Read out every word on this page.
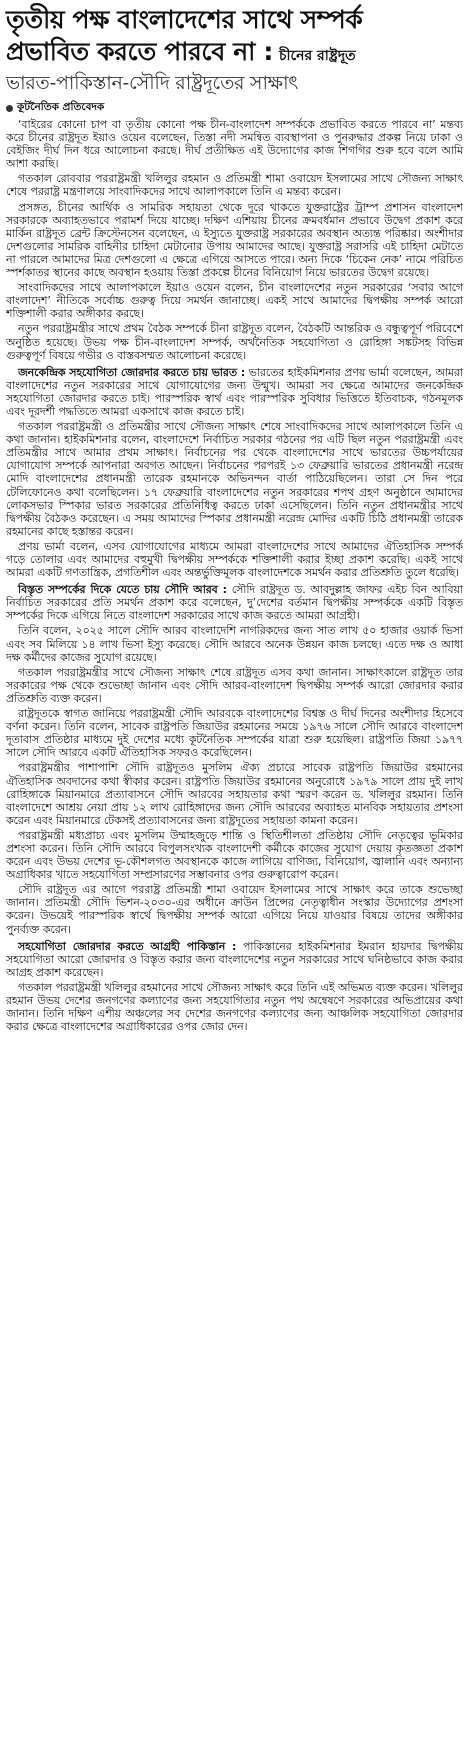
তৃতীয় পক্ষ বাংলাদেশের সাথে সম্পর্ক
প্রভাবিত করতে পারবে না : চীনের রাষ্ট্রদূত
ভারত-পাকিস্তান-সৌদি রাষ্ট্রদূতের সাক্ষাৎ
কূটনৈতিক প্রতিবেদক

‘বাইরের কোনো চাপ বা তৃতীয় কোনো পক্ষ চীন-বাংলাদেশ সম্পর্ককে প্রভাবিত করতে পারবে না’ মন্তব্য করে চীনের রাষ্ট্রদূত ইয়াও ওয়েন বলেছেন, তিস্তা নদী সমন্বিত ব্যবস্থাপনা ও পুনরুদ্ধার প্রকল্প নিয়ে ঢাকা ও বেইজিং দীর্ঘ দিন ধরে আলোচনা করছে। দীর্ঘ প্রতীক্ষিত এই উদ্যোগের কাজ শিগগির শুরু হবে বলে আমি আশা করছি।

গতকাল রোববার পররাষ্ট্রমন্ত্রী খলিলুর রহমান ও প্রতিমন্ত্রী শামা ওবায়েদ ইসলামের সাথে সৌজন্য সাক্ষাৎ শেষে পররাষ্ট্র মন্ত্রণালয়ে সাংবাদিকদের সাথে আলাপকালে তিনি এ মন্তব্য করেন।

প্রসঙ্গত, চীনের আর্থিক ও সামরিক সহায়তা থেকে দূরে থাকতে যুক্তরাষ্ট্রের ট্রাম্প প্রশাসন বাংলাদেশ সরকারকে অব্যাহতভাবে পরামর্শ দিয়ে যাচ্ছে। দক্ষিণ এশিয়ায় চীনের ক্রমবর্ধমান প্রভাবে উদ্বেগ প্রকাশ করে মার্কিন রাষ্ট্রদূত ব্রেন্ট ক্রিস্টেনসেন বলেছেন, এ ইস্যুতে যুক্তরাষ্ট্র সরকারের অবস্থান অত্যন্ত পরিষ্কার। অংশীদার দেশগুলোর সামরিক বাহিনীর চাহিদা মেটানোর উপায় আমাদের আছে। যুক্তরাষ্ট্র সরাসরি এই চাহিদা মেটাতে না পারলে আমাদের মিত্র দেশগুলো এ ক্ষেত্রে এগিয়ে আসতে পারে। অন্য দিকে ‘চিকেন নেক’ নামে পরিচিত স্পর্শকাতর স্থানের কাছে অবস্থান হওয়ায় তিস্তা প্রকল্পে চীনের বিনিয়োগ নিয়ে ভারতের উদ্বেগ রয়েছে।

সাংবাদিকদের সাথে আলাপকালে ইয়াও ওয়েন বলেন, চীন বাংলাদেশের নতুন সরকারের ‘সবার আগে বাংলাদেশ’ নীতিকে সর্বোচ্চ গুরুত্ব দিয়ে সমর্থন জানাচ্ছে। একই সাথে আমাদের দ্বিপক্ষীয় সম্পর্ক আরো শক্তিশালী করার অঙ্গীকার করছে।

নতুন পররাষ্ট্রমন্ত্রীর সাথে প্রথম বৈঠক সম্পর্কে চীনা রাষ্ট্রদূত বলেন, বৈঠকটি আন্তরিক ও বন্ধুত্বপূর্ণ পরিবেশে অনুষ্ঠিত হয়েছে। উভয় পক্ষ চীন-বাংলাদেশ সম্পর্ক, অর্থনৈতিক সহযোগিতা ও রোহিঙ্গা সঙ্কটসহ বিভিন্ন গুরুত্বপূর্ণ বিষয়ে গভীর ও বাস্তবসম্মত আলোচনা করেছে।

জনকেন্দ্রিক সহযোগিতা জোরদার করতে চায় ভারত : ভারতের হাইকমিশনার প্রণয় ভার্মা বলেছেন, আমরা বাংলাদেশের নতুন সরকারের সাথে যোগাযোগের জন্য উন্মুখ। আমরা সব ক্ষেত্রে আমাদের জনকেন্দ্রিক সহযোগিতা জোরদার করতে চাই। পারস্পরিক স্বার্থ এবং পারস্পরিক সুবিধার ভিত্তিতে ইতিবাচক, গঠনমূলক এবং দূরদর্শী পদ্ধতিতে আমরা একসাথে কাজ করতে চাই।

গতকাল পররাষ্ট্রমন্ত্রী ও প্রতিমন্ত্রীর সাথে সৌজন্য সাক্ষাৎ শেষে সাংবাদিকদের সাথে আলাপকালে তিনি এ কথা জানান। হাইকমিশনার বলেন, বাংলাদেশে নির্বাচিত সরকার গঠনের পর এটি ছিল নতুন পররাষ্ট্রমন্ত্রী এবং প্রতিমন্ত্রীর সাথে আমার প্রথম সাক্ষাৎ। নির্বাচনের পর থেকে বাংলাদেশের সাথে ভারতের উচ্চপর্যায়ের যোগাযোগ সম্পর্কে আপনারা অবগত আছেন। নির্বাচনের পরপরই ১৩ ফেব্রুয়ারি ভারতের প্রধানমন্ত্রী নরেন্দ্র মোদি বাংলাদেশের প্রধানমন্ত্রী তারেক রহমানকে অভিনন্দন বার্তা পাঠিয়েছিলেন। তারা সে দিন পরে টেলিফোনেও কথা বলেছিলেন। ১৭ ফেব্রুয়ারি বাংলাদেশের নতুন সরকারের শপথ গ্রহণ অনুষ্ঠানে আমাদের লোকসভার স্পিকার ভারত সরকারের প্রতিনিধিত্ব করতে ঢাকা এসেছিলেন। তিনি নতুন প্রধানমন্ত্রীর সাথে দ্বিপক্ষীয় বৈঠকও করেছেন। এ সময় আমাদের স্পিকার প্রধানমন্ত্রী নরেন্দ্র মোদির একটি চিঠি প্রধানমন্ত্রী তারেক রহমানের কাছে হস্তান্তর করেন।

প্রণয় ভার্মা বলেন, এসব যোগাযোগের মাধ্যমে আমরা বাংলাদেশের সাথে আমাদের ঐতিহাসিক সম্পর্ক গড়ে তোলার এবং আমাদের বহুমুখী দ্বিপক্ষীয় সম্পর্ককে শক্তিশালী করার ইচ্ছা প্রকাশ করেছি। একই সাথে আমরা একটি গণতান্ত্রিক, প্রগতিশীল এবং অন্তর্ভুক্তিমূলক বাংলাদেশকে সমর্থন করার প্রতিশ্রুতি তুলে ধরেছি।

বিস্তৃত সম্পর্কের দিকে যেতে চায় সৌদি আরব : সৌদি রাষ্ট্রদূত ড. আবদুল্লাহ জাফর এইচ বিন আবিয়া নির্বাচিত সরকারের প্রতি সমর্থন প্রকাশ করে বলেছেন, দু’দেশের বর্তমান দ্বিপক্ষীয় সম্পর্ককে একটি বিস্তৃত সম্পর্কের দিকে এগিয়ে নিতে বাংলাদেশ সরকারের সাথে কাজ করতে আমরা আগ্রহী।

তিনি বলেন, ২০২৫ সালে সৌদি আরব বাংলাদেশি নাগরিকদের জন্য সাত লাখ ৫০ হাজার ওয়ার্ক ভিসা এবং সব মিলিয়ে ১৪ লাখ ভিসা ইস্যু করেছে। সৌদি আরবে অনেক উন্নয়ন কাজ চলছে। এতে দক্ষ ও আধা দক্ষ কর্মীদের কাজের সুযোগ রয়েছে।

গতকাল পররাষ্ট্রমন্ত্রীর সাথে সৌজন্য সাক্ষাৎ শেষে রাষ্ট্রদূত এসব কথা জানান। সাক্ষাৎকালে রাষ্ট্রদূত তার সরকারের পক্ষ থেকে শুভেচ্ছা জানান এবং সৌদি আরব-বাংলাদেশ দ্বিপক্ষীয় সম্পর্ক আরো জোরদার করার প্রতিশ্রুতি ব্যক্ত করেন।

রাষ্ট্রদূতকে স্বাগত জানিয়ে পররাষ্ট্রমন্ত্রী সৌদি আরবকে বাংলাদেশের বিশ্বস্ত ও দীর্ঘ দিনের অংশীদার হিসেবে বর্ণনা করেন। তিনি বলেন, সাবেক রাষ্ট্রপতি জিয়াউর রহমানের সময়ে ১৯৭৬ সালে সৌদি আরবে বাংলাদেশ দূতাবাস প্রতিষ্ঠার মাধ্যমে দুই দেশের মধ্যে কূটনৈতিক সম্পর্কের যাত্রা শুরু হয়েছিল। রাষ্ট্রপতি জিয়া ১৯৭৭ সালে সৌদি আরবে একটি ঐতিহাসিক সফরও করেছিলেন।

পররাষ্ট্রমন্ত্রীর পাশাপাশি সৌদি রাষ্ট্রদূতও মুসলিম ঐক্য প্রচারে সাবেক রাষ্ট্রপতি জিয়াউর রহমানের ঐতিহাসিক অবদানের কথা স্বীকার করেন। রাষ্ট্রপতি জিয়াউর রহমানের অনুরোধে ১৯৭৯ সালে প্রায় দুই লাখ রোহিঙ্গাকে মিয়ানমারে প্রত্যাবাসনে সৌদি আরবের সহায়তার কথা স্মরণ করেন ড. খলিলুর রহমান। তিনি বাংলাদেশে আশ্রয় নেয়া প্রায় ১২ লাখ রোহিঙ্গাদের জন্য সৌদি আরবের অব্যাহত মানবিক সহায়তার প্রশংসা করেন এবং মিয়ানমারে টেকসই প্রত্যাবাসনের জন্য রাষ্ট্রদূতের সহায়তা কামনা করেন।

পররাষ্ট্রমন্ত্রী মধ্যপ্রাচ্য এবং মুসলিম উম্মাহজুড়ে শান্তি ও স্থিতিশীলতা প্রতিষ্ঠায় সৌদি নেতৃত্বের ভূমিকার প্রশংসা করেন। তিনি সৌদি আরবে বিপুলসংখ্যক বাংলাদেশী কর্মীকে কাজের সুযোগ দেয়ায় কৃতজ্ঞতা প্রকাশ করেন এবং উভয় দেশের ভূ-কৌশলগত অবস্থানকে কাজে লাগিয়ে বাণিজ্য, বিনিয়োগ, জ্বালানি এবং অন্যান্য অগ্রাধিকার খাতে সহযোগিতা সম্প্রসারণের সম্ভাবনার ওপর গুরুত্বারোপ করেন।

সৌদি রাষ্ট্রদূত এর আগে পররাষ্ট্র প্রতিমন্ত্রী শামা ওবায়েদ ইসলামের সাথে সাক্ষাৎ করে তাকে শুভেচ্ছা জানান। প্রতিমন্ত্রী সৌদি ভিশন-২০৩০-এর অধীনে ক্রাউন প্রিন্সের নেতৃত্বাধীন সংস্কার উদ্যোগের প্রশংসা করেন। উভয়েই পারস্পরিক স্বার্থে দ্বিপক্ষীয় সম্পর্ক আরো এগিয়ে নিয়ে যাওয়ার বিষয়ে তাদের অঙ্গীকার পুনর্ব্যক্ত করেন।

সহযোগিতা জোরদার করতে আগ্রহী পাকিস্তান : পাকিস্তানের হাইকমিশনার ইমরান হায়দার দ্বিপক্ষীয় সহযোগিতা আরো জোরদার ও বিস্তৃত করার জন্য বাংলাদেশের নতুন সরকারের সাথে ঘনিষ্ঠভাবে কাজ করার আগ্রহ প্রকাশ করেছেন।

গতকাল পররাষ্ট্রমন্ত্রী খলিলুর রহমানের সাথে সৌজন্য সাক্ষাৎ করে তিনি এই অভিমত ব্যক্ত করেন। খলিলুর রহমান উভয় দেশের জনগণের কল্যাণের জন্য সহযোগিতার নতুন পথ অন্বেষণে সরকারের অভিপ্রায়ের কথা জানান। তিনি দক্ষিণ এশীয় অঞ্চলের সব দেশের জনগণের কল্যাণের জন্য আঞ্চলিক সহযোগিতা জোরদার করার ক্ষেত্রে বাংলাদেশের অগ্রাধিকারের ওপর জোর দেন।
